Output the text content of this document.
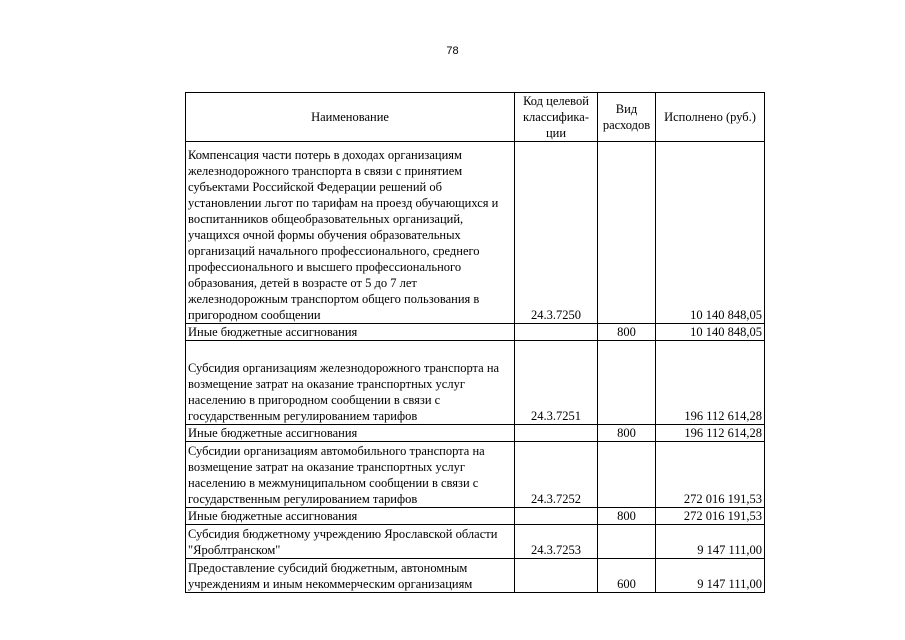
78
Наименование	Код целевой классифика-ции	Вид расходов	Исполнено (руб.)
Компенсация части потерь в доходах организациям железнодорожного транспорта в связи с принятием субъектами Российской Федерации решений об установлении льгот по тарифам на проезд обучающихся и воспитанников общеобразовательных организаций, учащихся очной формы обучения образовательных организаций начального профессионального, среднего профессионального и высшего профессионального образования, детей в возрасте от 5 до 7 лет железнодорожным транспортом общего пользования в пригородном сообщении	24.3.7250		10 140 848,05
Иные бюджетные ассигнования		800	10 140 848,05
Субсидия организациям железнодорожного транспорта на возмещение затрат на оказание транспортных услуг населению в пригородном сообщении в связи с государственным регулированием тарифов	24.3.7251		196 112 614,28
Иные бюджетные ассигнования		800	196 112 614,28
Субсидии организациям автомобильного транспорта на возмещение затрат на оказание транспортных услуг населению в межмуниципальном сообщении в связи с государственным регулированием тарифов	24.3.7252		272 016 191,53
Иные бюджетные ассигнования		800	272 016 191,53
Субсидия бюджетному учреждению Ярославской области "Яроблтранском"	24.3.7253		9 147 111,00
Предоставление субсидий бюджетным, автономным учреждениям и иным некоммерческим организациям		600	9 147 111,00
